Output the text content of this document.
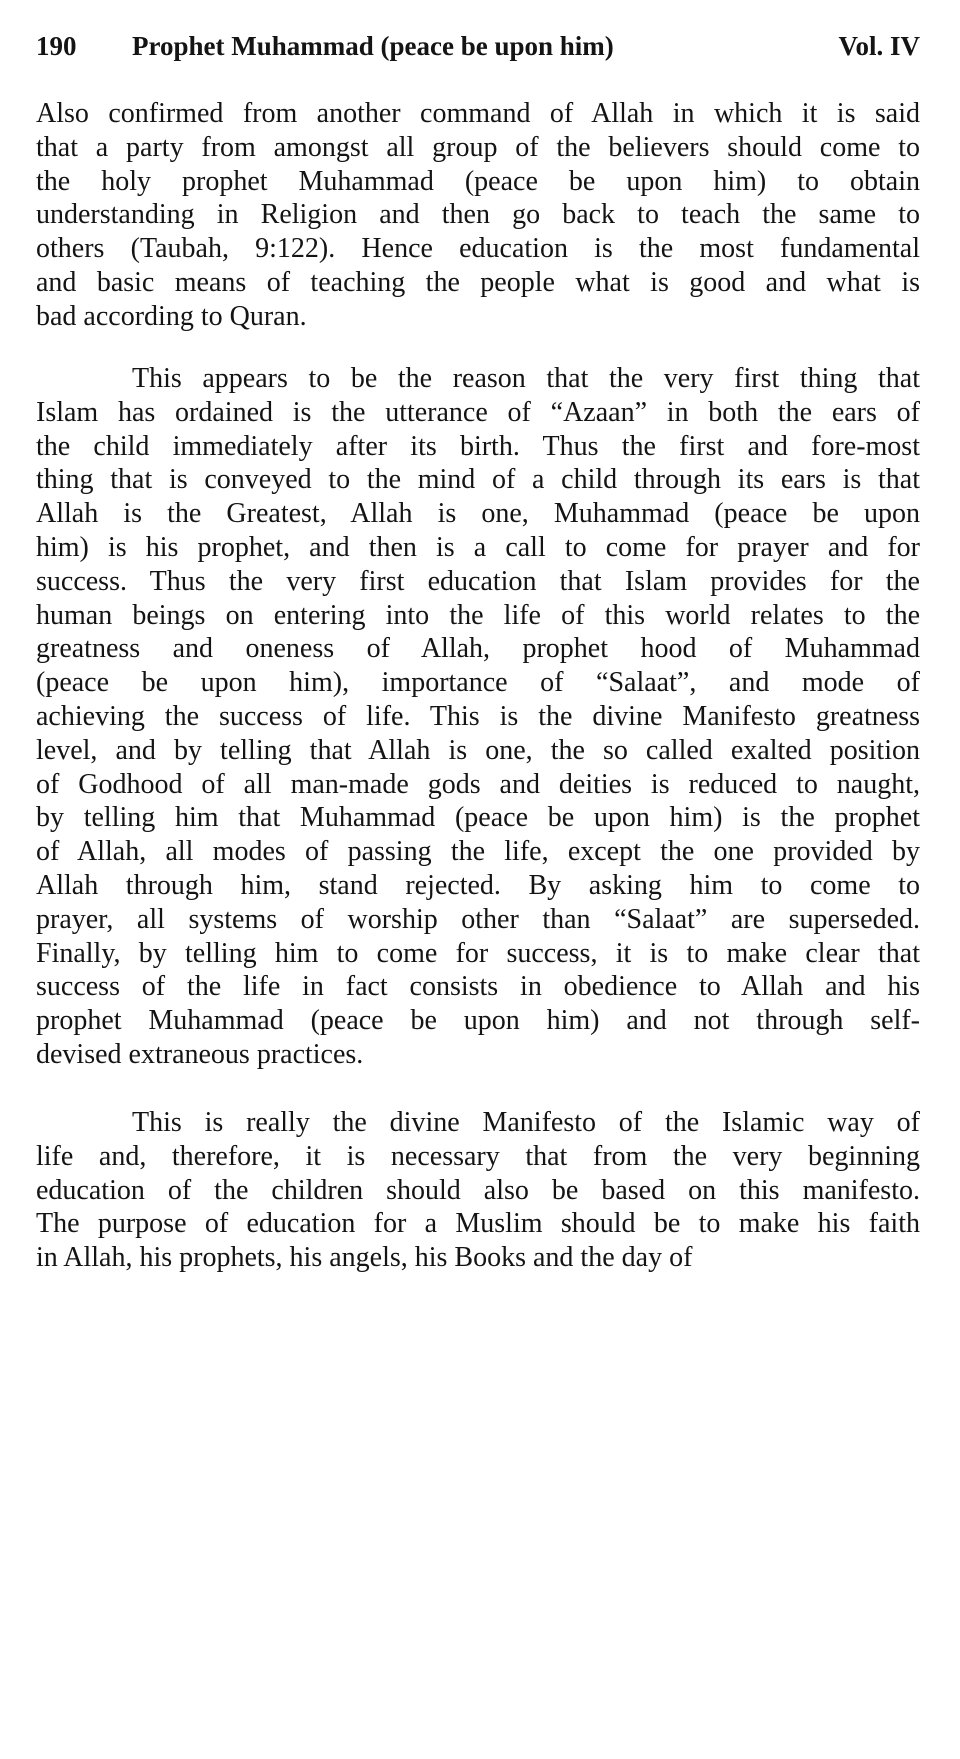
190 Prophet Muhammad (peace be upon him)	Vol. IV
Also confirmed from another command of Allah in which it is said
that a party from amongst all group of the believers should come to
the holy prophet Muhammad (peace be upon him) to obtain
understanding in Religion and then go back to teach the same to
others (Taubah, 9:122). Hence education is the most fundamental
and basic means of teaching the people what is good and what is
bad according to Quran.
This appears to be the reason that the very first thing that
Islam has ordained is the utterance of “Azaan” in both the ears of
the child immediately after its birth. Thus the first and fore-most
thing that is conveyed to the mind of a child through its ears is that
Allah is the Greatest, Allah is one, Muhammad (peace be upon
him) is his prophet, and then is a call to come for prayer and for
success. Thus the very first education that Islam provides for the
human beings on entering into the life of this world relates to the
greatness and oneness of Allah, prophet hood of Muhammad
(peace be upon him), importance of “Salaat”, and mode of
achieving the success of life. This is the divine Manifesto greatness
level, and by telling that Allah is one, the so called exalted position
of Godhood of all man-made gods and deities is reduced to naught,
by telling him that Muhammad (peace be upon him) is the prophet
of Allah, all modes of passing the life, except the one provided by
Allah through him, stand rejected. By asking him to come to
prayer, all systems of worship other than “Salaat” are superseded.
Finally, by telling him to come for success, it is to make clear that
success of the life in fact consists in obedience to Allah and his
prophet Muhammad (peace be upon him) and not through self-
devised extraneous practices.
This is really the divine Manifesto of the Islamic way of
life and, therefore, it is necessary that from the very beginning
education of the children should also be based on this manifesto.
The purpose of education for a Muslim should be to make his faith
in Allah, his prophets, his angels, his Books and the day of
